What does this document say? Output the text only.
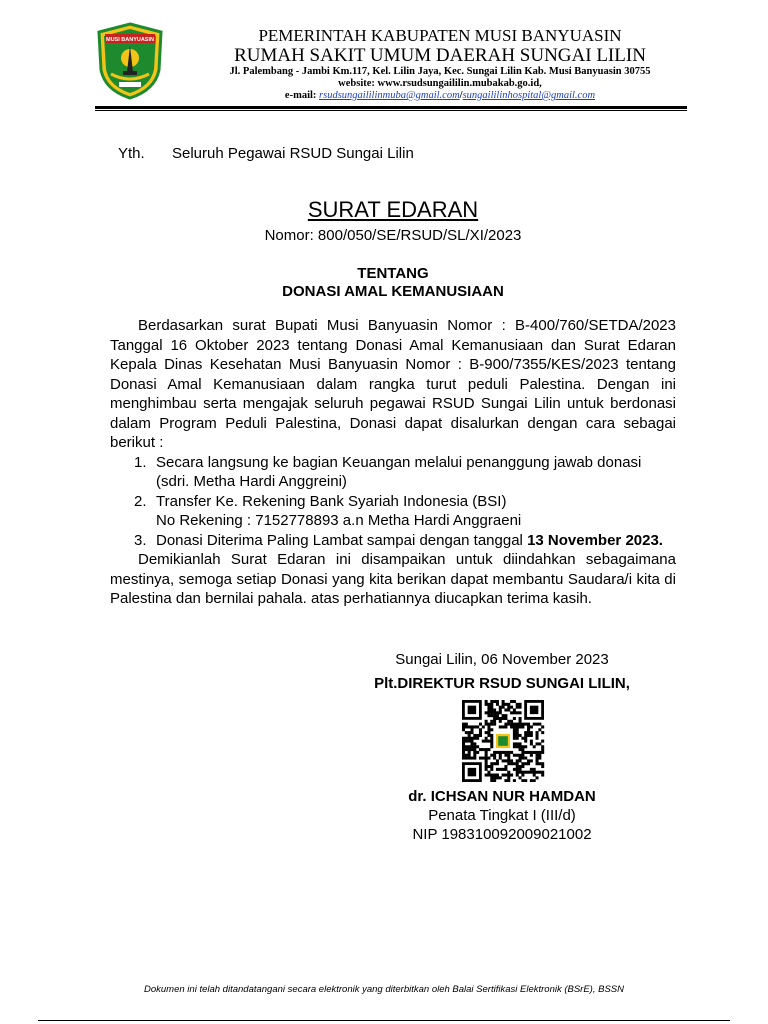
MUSI BANYUASIN	PEMERINTAH KABUPATEN MUSI BANYUASIN
RUMAH SAKIT UMUM DAERAH SUNGAI LILIN
Jl. Palembang - Jambi Km.117, Kel. Lilin Jaya, Kec. Sungai Lilin Kab. Musi Banyuasin 30755
website: www.rsudsungaililin.mubakab.go.id,
e-mail: rsudsungaililinmuba@gmail.com/sungaililinhospital@gmail.com
Yth. Seluruh Pegawai RSUD Sungai Lilin
SURAT EDARAN
Nomor: 800/050/SE/RSUD/SL/XI/2023
TENTANG
DONASI AMAL KEMANUSIAAN

Berdasarkan surat Bupati Musi Banyuasin Nomor : B-400/760/SETDA/2023 Tanggal 16 Oktober 2023 tentang Donasi Amal Kemanusiaan dan Surat Edaran Kepala Dinas Kesehatan Musi Banyuasin Nomor : B-900/7355/KES/2023 tentang Donasi Amal Kemanusiaan dalam rangka turut peduli Palestina. Dengan ini menghimbau serta mengajak seluruh pegawai RSUD Sungai Lilin untuk berdonasi dalam Program Peduli Palestina, Donasi dapat disalurkan dengan cara sebagai berikut :

1. Secara langsung ke bagian Keuangan melalui penanggung jawab donasi
(sdri. Metha Hardi Anggreini)
2. Transfer Ke. Rekening Bank Syariah Indonesia (BSI)
No Rekening : 7152778893 a.n Metha Hardi Anggraeni
3. Donasi Diterima Paling Lambat sampai dengan tanggal 13 November 2023.

Demikianlah Surat Edaran ini disampaikan untuk diindahkan sebagaimana mestinya, semoga setiap Donasi yang kita berikan dapat membantu Saudara/i kita di Palestina dan bernilai pahala. atas perhatiannya diucapkan terima kasih.

Sungai Lilin, 06 November 2023
Plt.DIREKTUR RSUD SUNGAI LILIN,
dr. ICHSAN NUR HAMDAN
Penata Tingkat I (III/d)
NIP 198310092009021002
Dokumen ini telah ditandatangani secara elektronik yang diterbitkan oleh Balai Sertifikasi Elektronik (BSrE), BSSN
